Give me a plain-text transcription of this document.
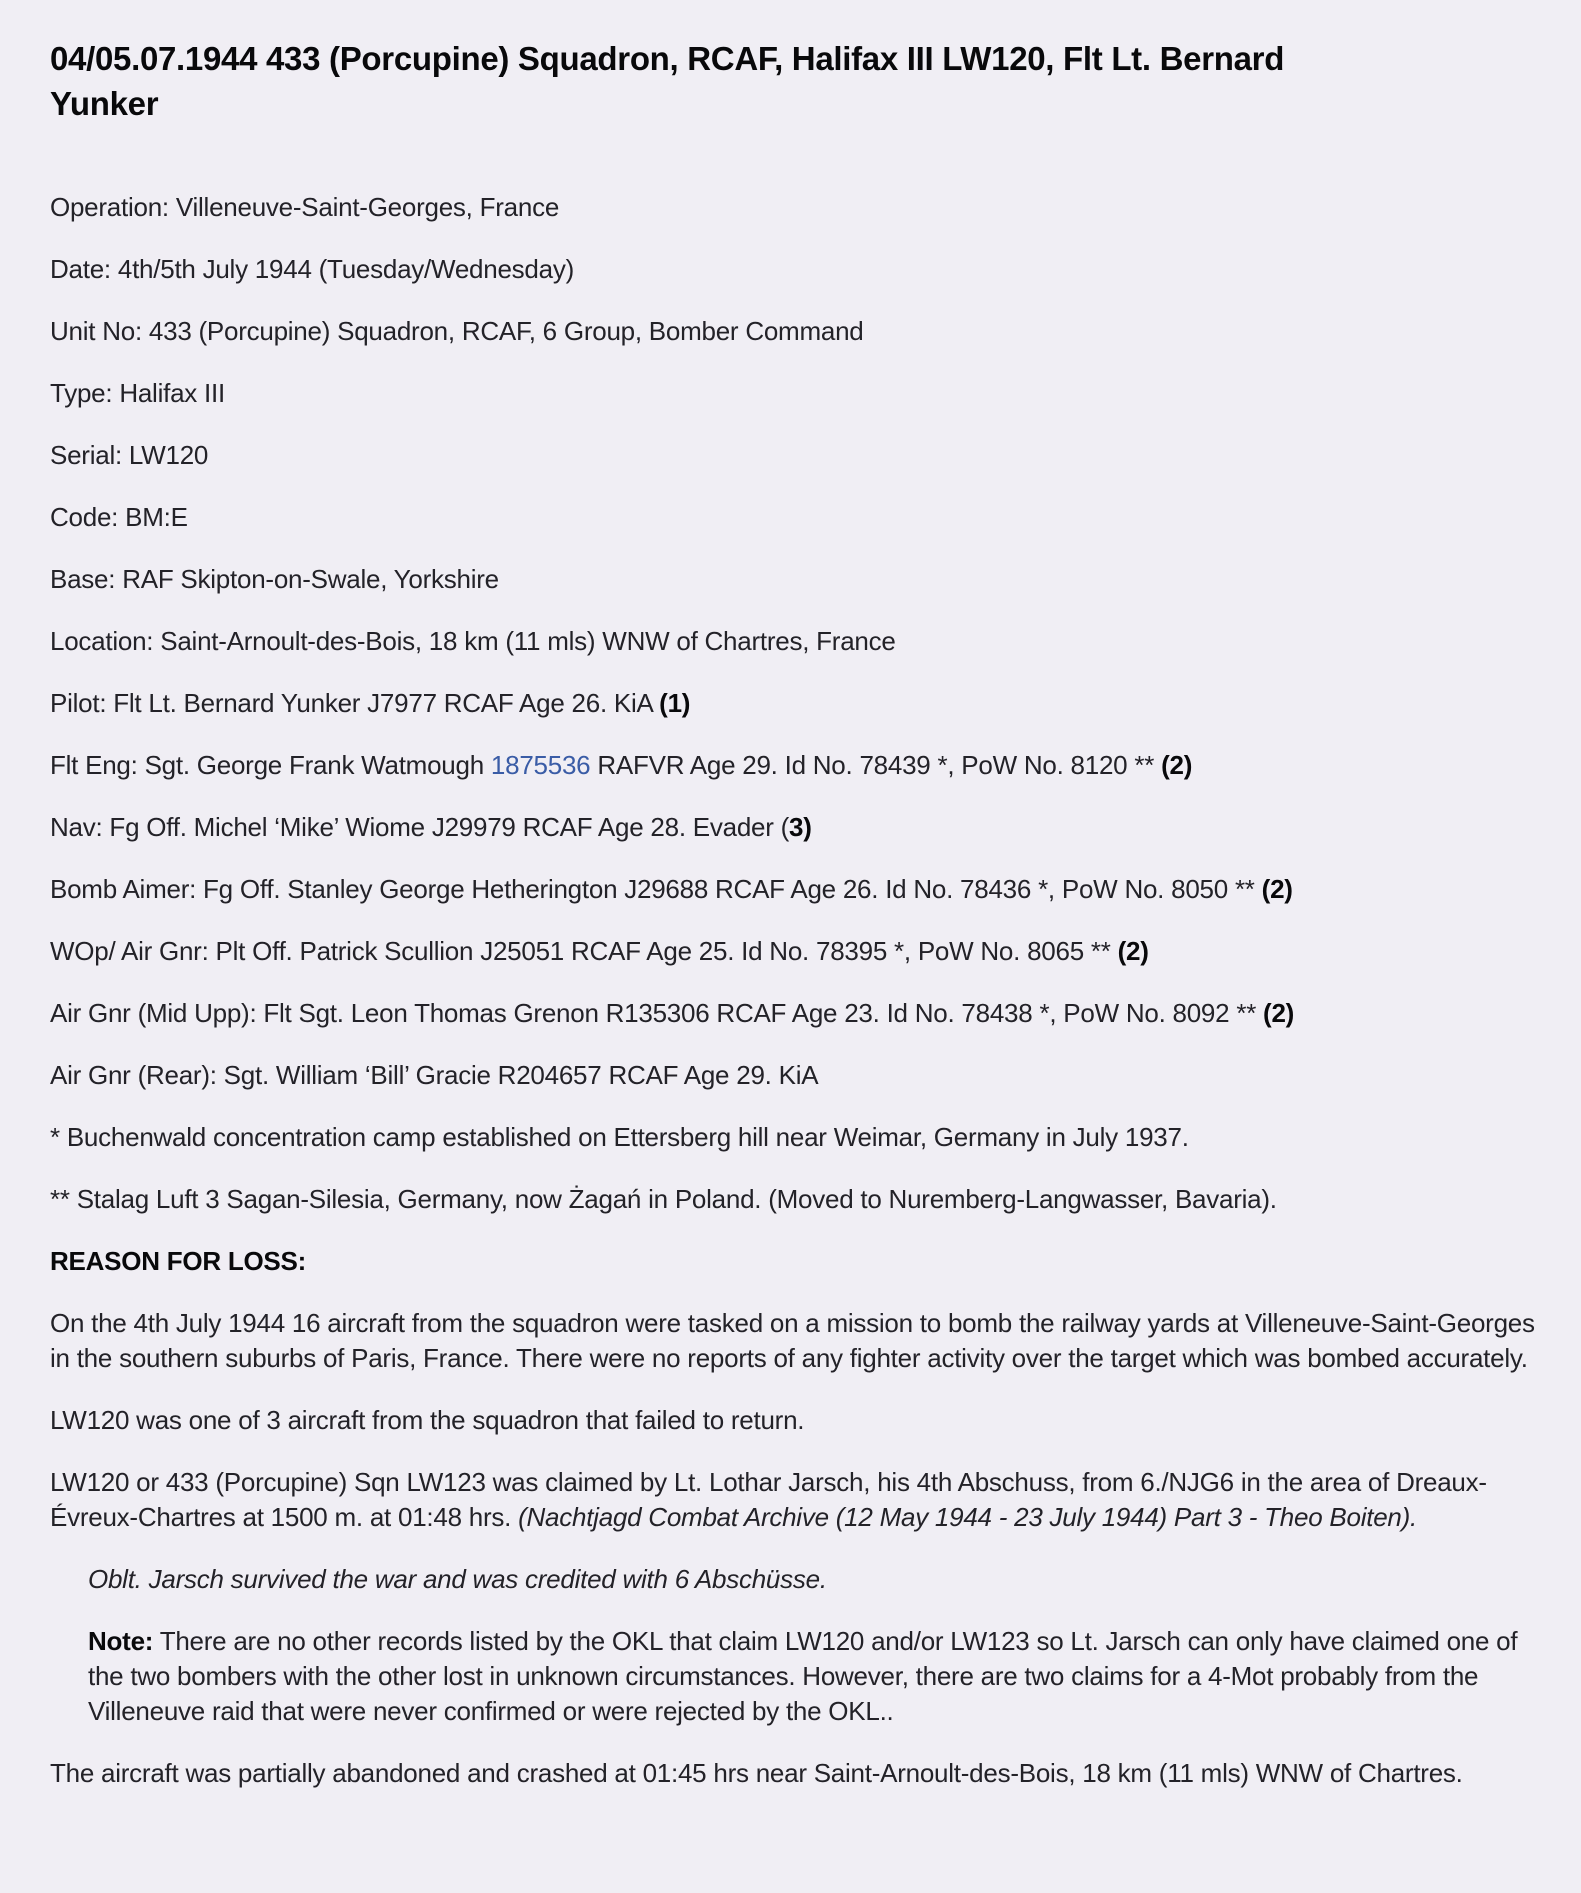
04/05.07.1944 433 (Porcupine) Squadron, RCAF, Halifax III LW120, Flt Lt. Bernard Yunker

Operation: Villeneuve-Saint-Georges, France

Date: 4th/5th July 1944 (Tuesday/Wednesday)

Unit No: 433 (Porcupine) Squadron, RCAF, 6 Group, Bomber Command

Type: Halifax III

Serial: LW120

Code: BM:E

Base: RAF Skipton-on-Swale, Yorkshire

Location: Saint-Arnoult-des-Bois, 18 km (11 mls) WNW of Chartres, France

Pilot: Flt Lt. Bernard Yunker J7977 RCAF Age 26. KiA (1)

Flt Eng: Sgt. George Frank Watmough 1875536 RAFVR Age 29. Id No. 78439 *, PoW No. 8120 ** (2)

Nav: Fg Off. Michel ‘Mike’ Wiome J29979 RCAF Age 28. Evader (3)

Bomb Aimer: Fg Off. Stanley George Hetherington J29688 RCAF Age 26. Id No. 78436 *, PoW No. 8050 ** (2)

WOp/ Air Gnr: Plt Off. Patrick Scullion J25051 RCAF Age 25. Id No. 78395 *, PoW No. 8065 ** (2)

Air Gnr (Mid Upp): Flt Sgt. Leon Thomas Grenon R135306 RCAF Age 23. Id No. 78438 *, PoW No. 8092 ** (2)

Air Gnr (Rear): Sgt. William ‘Bill’ Gracie R204657 RCAF Age 29. KiA

* Buchenwald concentration camp established on Ettersberg hill near Weimar, Germany in July 1937.

** Stalag Luft 3 Sagan-Silesia, Germany, now Żagań in Poland. (Moved to Nuremberg-Langwasser, Bavaria).

REASON FOR LOSS:

On the 4th July 1944 16 aircraft from the squadron were tasked on a mission to bomb the railway yards at Villeneuve-Saint-Georges in the southern suburbs of Paris, France. There were no reports of any fighter activity over the target which was bombed accurately.

LW120 was one of 3 aircraft from the squadron that failed to return.

LW120 or 433 (Porcupine) Sqn LW123 was claimed by Lt. Lothar Jarsch, his 4th Abschuss, from 6./NJG6 in the area of Dreaux-Évreux-Chartres at 1500 m. at 01:48 hrs. (Nachtjagd Combat Archive (12 May 1944 - 23 July 1944) Part 3 - Theo Boiten).

Oblt. Jarsch survived the war and was credited with 6 Abschüsse.

Note: There are no other records listed by the OKL that claim LW120 and/or LW123 so Lt. Jarsch can only have claimed one of the two bombers with the other lost in unknown circumstances. However, there are two claims for a 4-Mot probably from the Villeneuve raid that were never confirmed or were rejected by the OKL..

The aircraft was partially abandoned and crashed at 01:45 hrs near Saint-Arnoult-des-Bois, 18 km (11 mls) WNW of Chartres.
